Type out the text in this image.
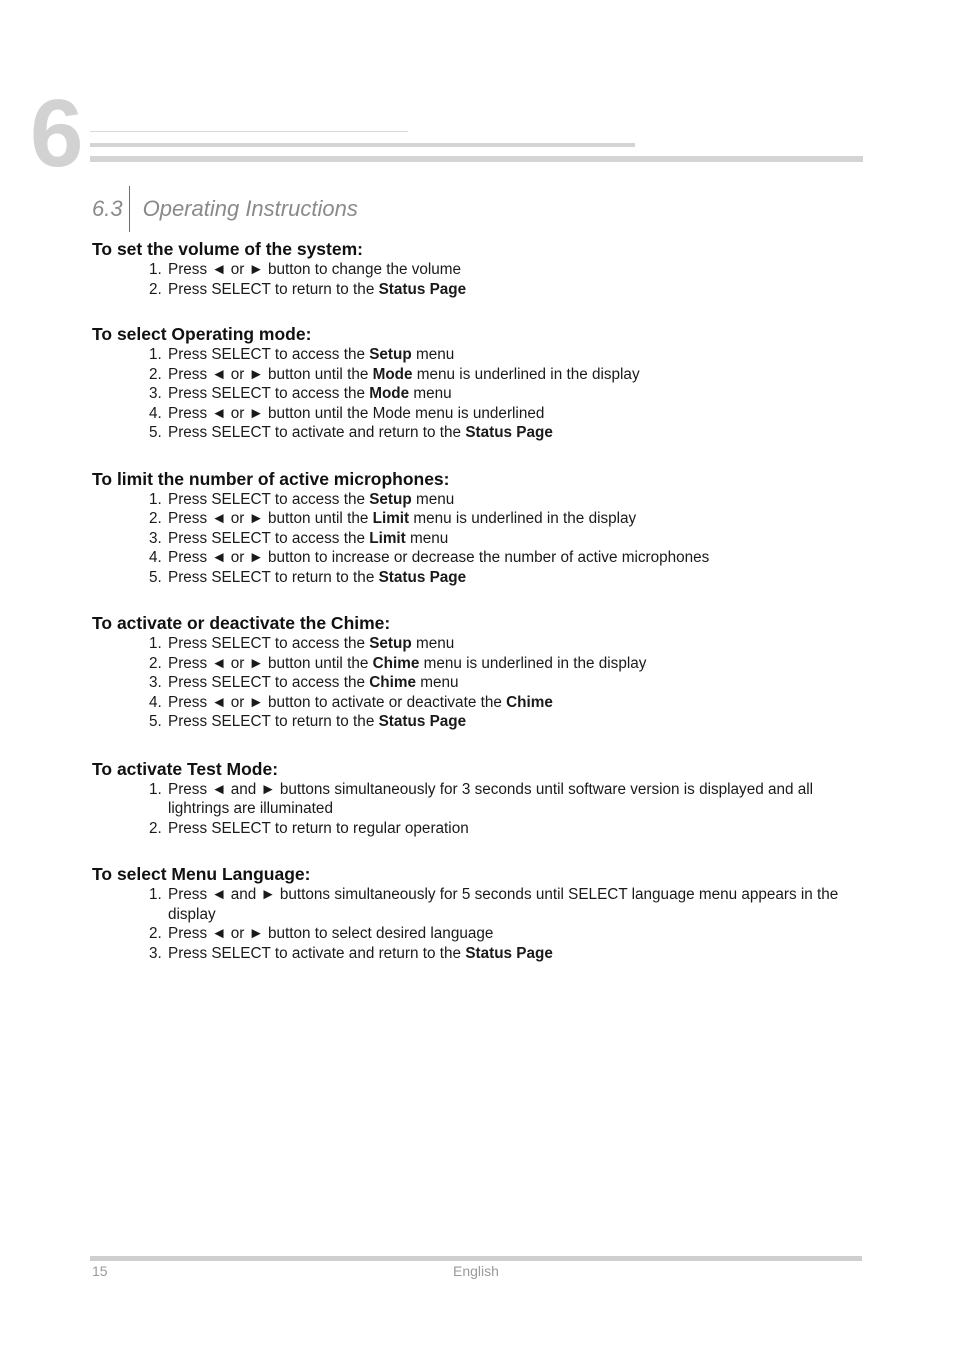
6
6.3 Operating Instructions
To set the volume of the system:
1. Press ◄ or ► button to change the volume
2. Press SELECT to return to the Status Page
To select Operating mode:
1. Press SELECT to access the Setup menu
2. Press ◄ or ► button until the Mode menu is underlined in the display
3. Press SELECT to access the Mode menu
4. Press ◄ or ► button until the Mode menu is underlined
5. Press SELECT to activate and return to the Status Page
To limit the number of active microphones:
1. Press SELECT to access the Setup menu
2. Press ◄ or ► button until the Limit menu is underlined in the display
3. Press SELECT to access the Limit menu
4. Press ◄ or ► button to increase or decrease the number of active microphones
5. Press SELECT to return to the Status Page
To activate or deactivate the Chime:
1. Press SELECT to access the Setup menu
2. Press ◄ or ► button until the Chime menu is underlined in the display
3. Press SELECT to access the Chime menu
4. Press ◄ or ► button to activate or deactivate the Chime
5. Press SELECT to return to the Status Page
To activate Test Mode:
1. Press ◄ and ► buttons simultaneously for 3 seconds until software version is displayed and all lightrings are illuminated
2. Press SELECT to return to regular operation
To select Menu Language:
1. Press ◄ and ► buttons simultaneously for 5 seconds until SELECT language menu appears in the display
2. Press ◄ or ► button to select desired language
3. Press SELECT to activate and return to the Status Page
15	English
